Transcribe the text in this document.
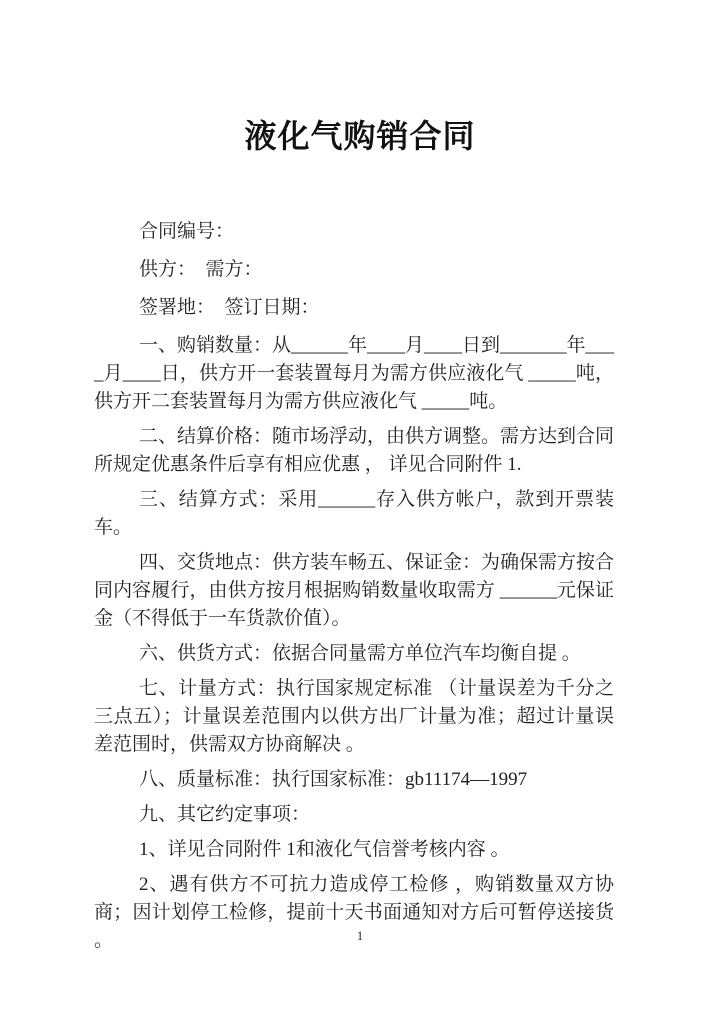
液化气购销合同

合同编号：

供方：　需方：

签署地：　签订日期：

一、购销数量：从______年____月____日到_______年____月____日，供方开一套装置每月为需方供应液化气 _____吨，供方开二套装置每月为需方供应液化气 _____吨。

二、结算价格：随市场浮动，由供方调整。需方达到合同所规定优惠条件后享有相应优惠 ， 详见合同附件 1.

三、结算方式：采用______存入供方帐户，款到开票装车。

四、交货地点：供方装车畅五、保证金：为确保需方按合同内容履行，由供方按月根据购销数量收取需方 ______元保证金（不得低于一车货款价值）。

六、供货方式：依据合同量需方单位汽车均衡自提 。

七、计量方式：执行国家规定标准 （计量误差为千分之三点五）；计量误差范围内以供方出厂计量为准；超过计量误差范围时，供需双方协商解决 。

八、质量标准：执行国家标准：gb11174—1997

九、其它约定事项：

1、详见合同附件 1和液化气信誉考核内容 。

2、遇有供方不可抗力造成停工检修 ，购销数量双方协商；因计划停工检修，提前十天书面通知对方后可暂停送接货 。	1
